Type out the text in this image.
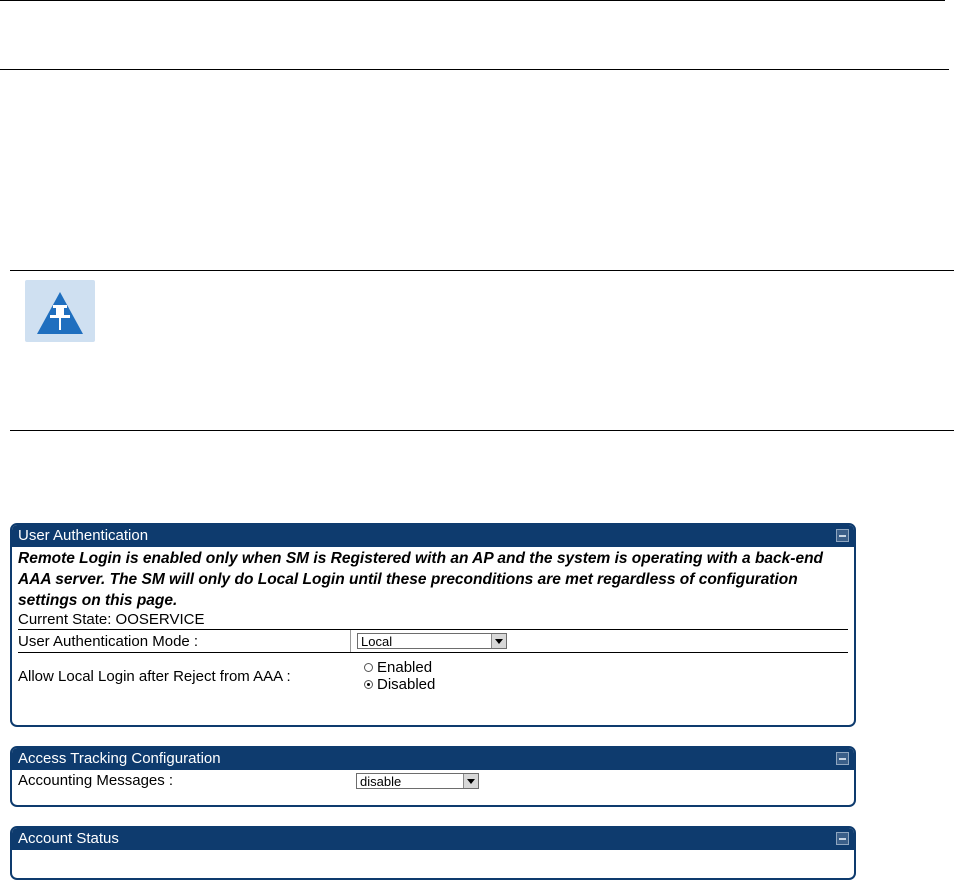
User Authentication
Remote Login is enabled only when SM is Registered with an AP and the system is operating with a back-end AAA server. The SM will only do Local Login until these preconditions are met regardless of configuration settings on this page.
Current State: OOSERVICE
User Authentication Mode :	Local
Allow Local Login after Reject from AAA :	Enabled
Disabled
Access Tracking Configuration
Accounting Messages :	disable
Account Status
